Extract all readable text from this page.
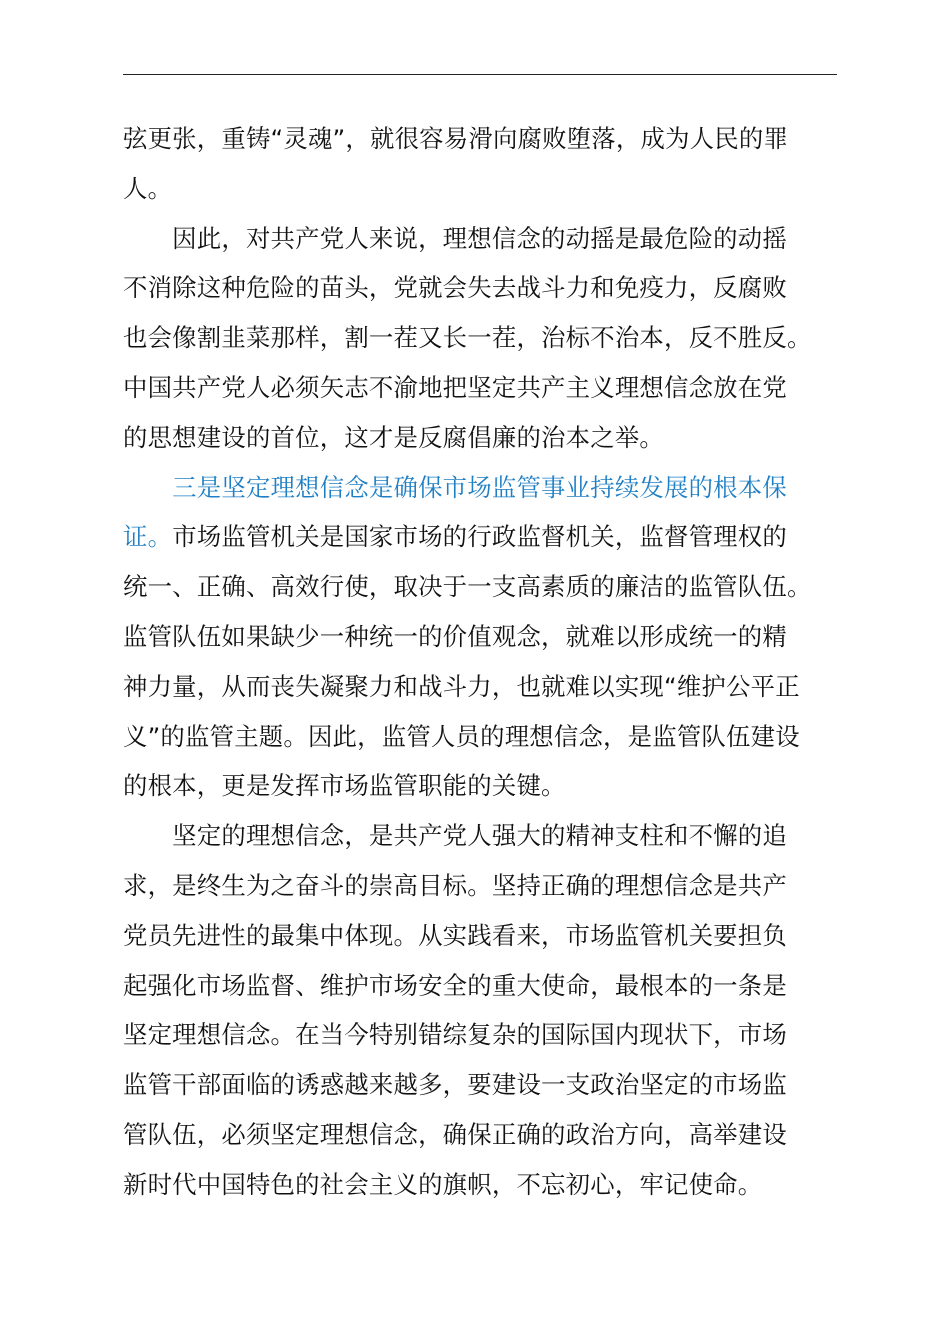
弦更张，重铸“灵魂”，就很容易滑向腐败堕落，成为人民的罪
人。

　　因此，对共产党人来说，理想信念的动摇是最危险的动摇
不消除这种危险的苗头，党就会失去战斗力和免疫力，反腐败
也会像割韭菜那样，割一茬又长一茬，治标不治本，反不胜反。
中国共产党人必须矢志不渝地把坚定共产主义理想信念放在党
的思想建设的首位，这才是反腐倡廉的治本之举。

　　三是坚定理想信念是确保市场监管事业持续发展的根本保
证。市场监管机关是国家市场的行政监督机关，监督管理权的
统一、正确、高效行使，取决于一支高素质的廉洁的监管队伍。
监管队伍如果缺少一种统一的价值观念，就难以形成统一的精
神力量，从而丧失凝聚力和战斗力，也就难以实现“维护公平正
义”的监管主题。因此，监管人员的理想信念，是监管队伍建设
的根本，更是发挥市场监管职能的关键。

　　坚定的理想信念，是共产党人强大的精神支柱和不懈的追
求，是终生为之奋斗的崇高目标。坚持正确的理想信念是共产
党员先进性的最集中体现。从实践看来，市场监管机关要担负
起强化市场监督、维护市场安全的重大使命，最根本的一条是
坚定理想信念。在当今特别错综复杂的国际国内现状下，市场
监管干部面临的诱惑越来越多，要建设一支政治坚定的市场监
管队伍，必须坚定理想信念，确保正确的政治方向，高举建设
新时代中国特色的社会主义的旗帜，不忘初心，牢记使命。
